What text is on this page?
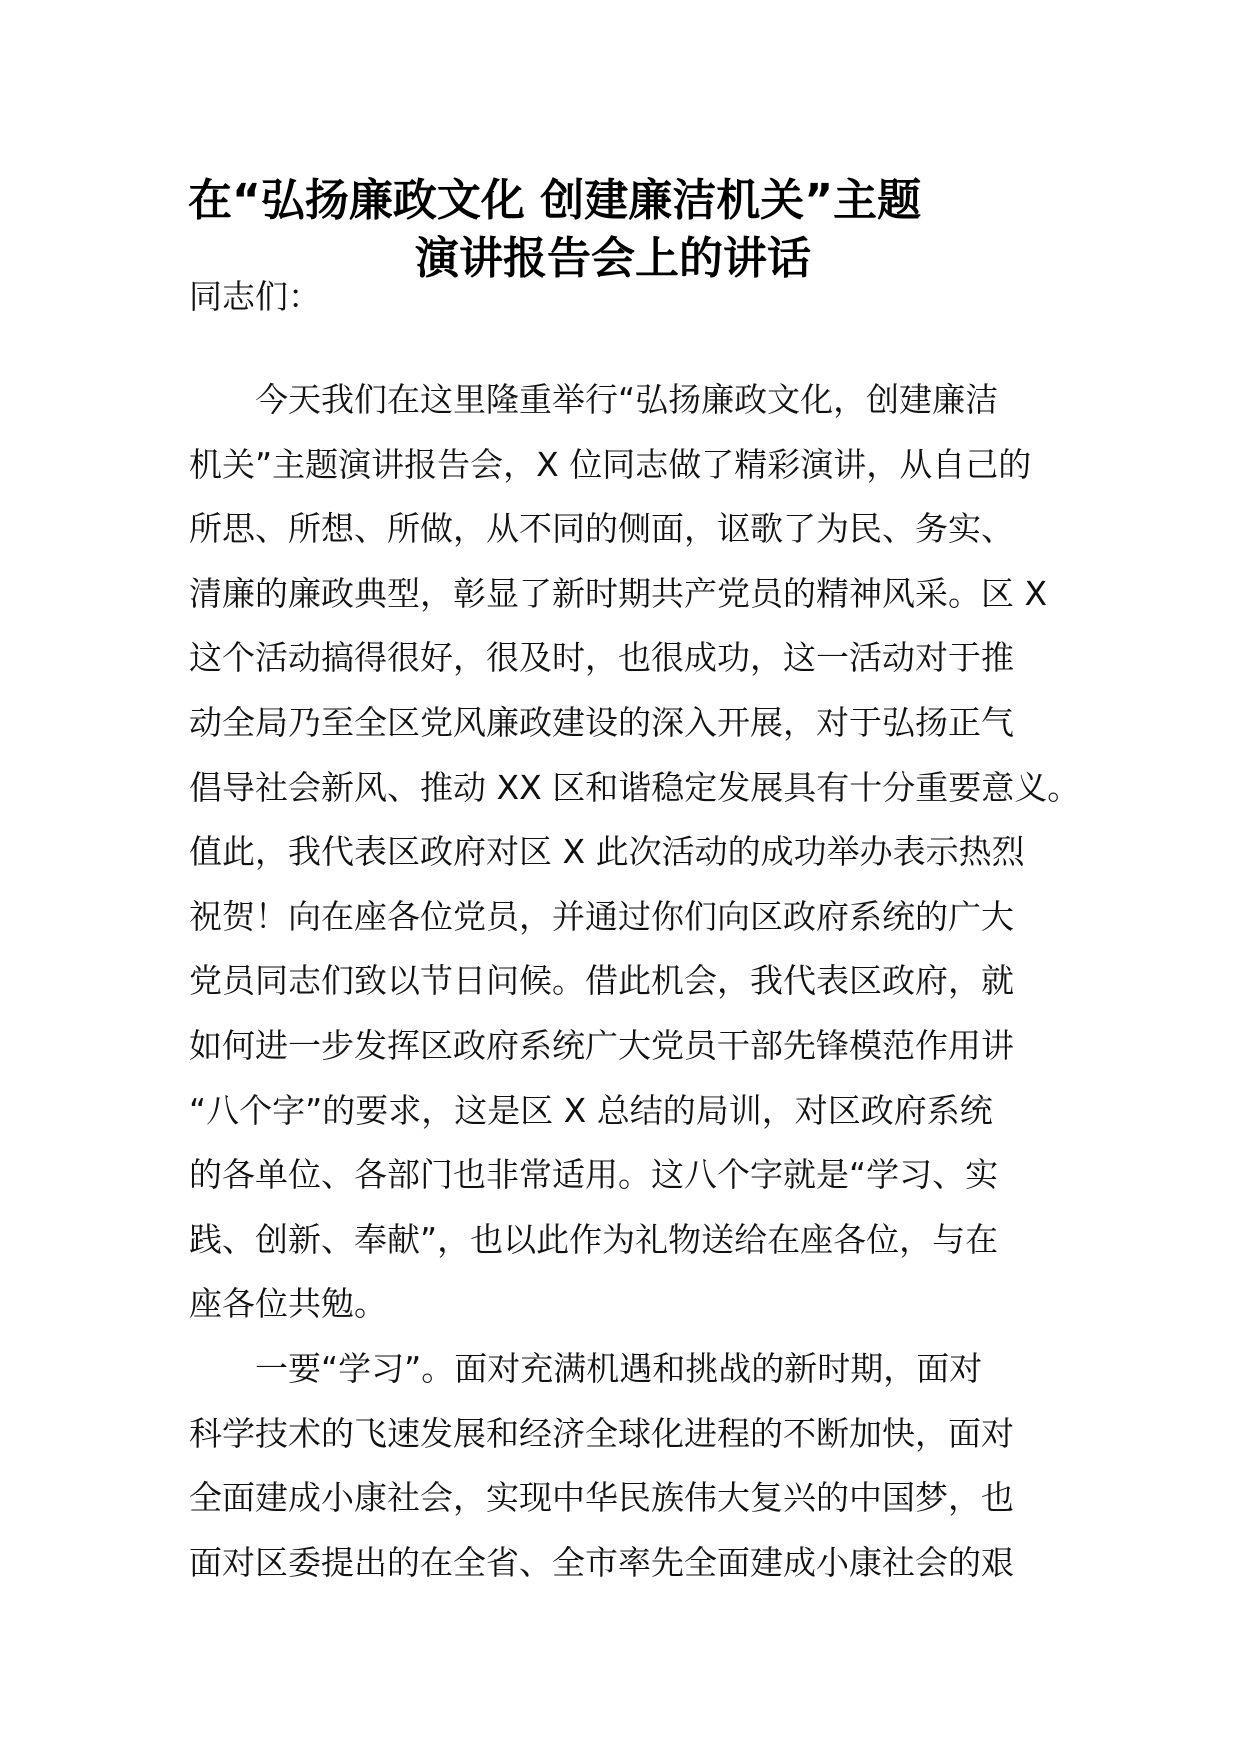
在“弘扬廉政文化 创建廉洁机关”主题
演讲报告会上的讲话

同志们：

今天我们在这里隆重举行“弘扬廉政文化，创建廉洁
机关”主题演讲报告会，X 位同志做了精彩演讲，从自己的
所思、所想、所做，从不同的侧面，讴歌了为民、务实、
清廉的廉政典型，彰显了新时期共产党员的精神风采。区 X
这个活动搞得很好，很及时，也很成功，这一活动对于推
动全局乃至全区党风廉政建设的深入开展，对于弘扬正气
倡导社会新风、推动 XX 区和谐稳定发展具有十分重要意义。
值此，我代表区政府对区 X 此次活动的成功举办表示热烈
祝贺！向在座各位党员，并通过你们向区政府系统的广大
党员同志们致以节日问候。借此机会，我代表区政府，就
如何进一步发挥区政府系统广大党员干部先锋模范作用讲
“八个字”的要求，这是区 X 总结的局训，对区政府系统
的各单位、各部门也非常适用。这八个字就是“学习、实
践、创新、奉献”，也以此作为礼物送给在座各位，与在
座各位共勉。

一要“学习”。面对充满机遇和挑战的新时期，面对
科学技术的飞速发展和经济全球化进程的不断加快，面对
全面建成小康社会，实现中华民族伟大复兴的中国梦，也
面对区委提出的在全省、全市率先全面建成小康社会的艰
